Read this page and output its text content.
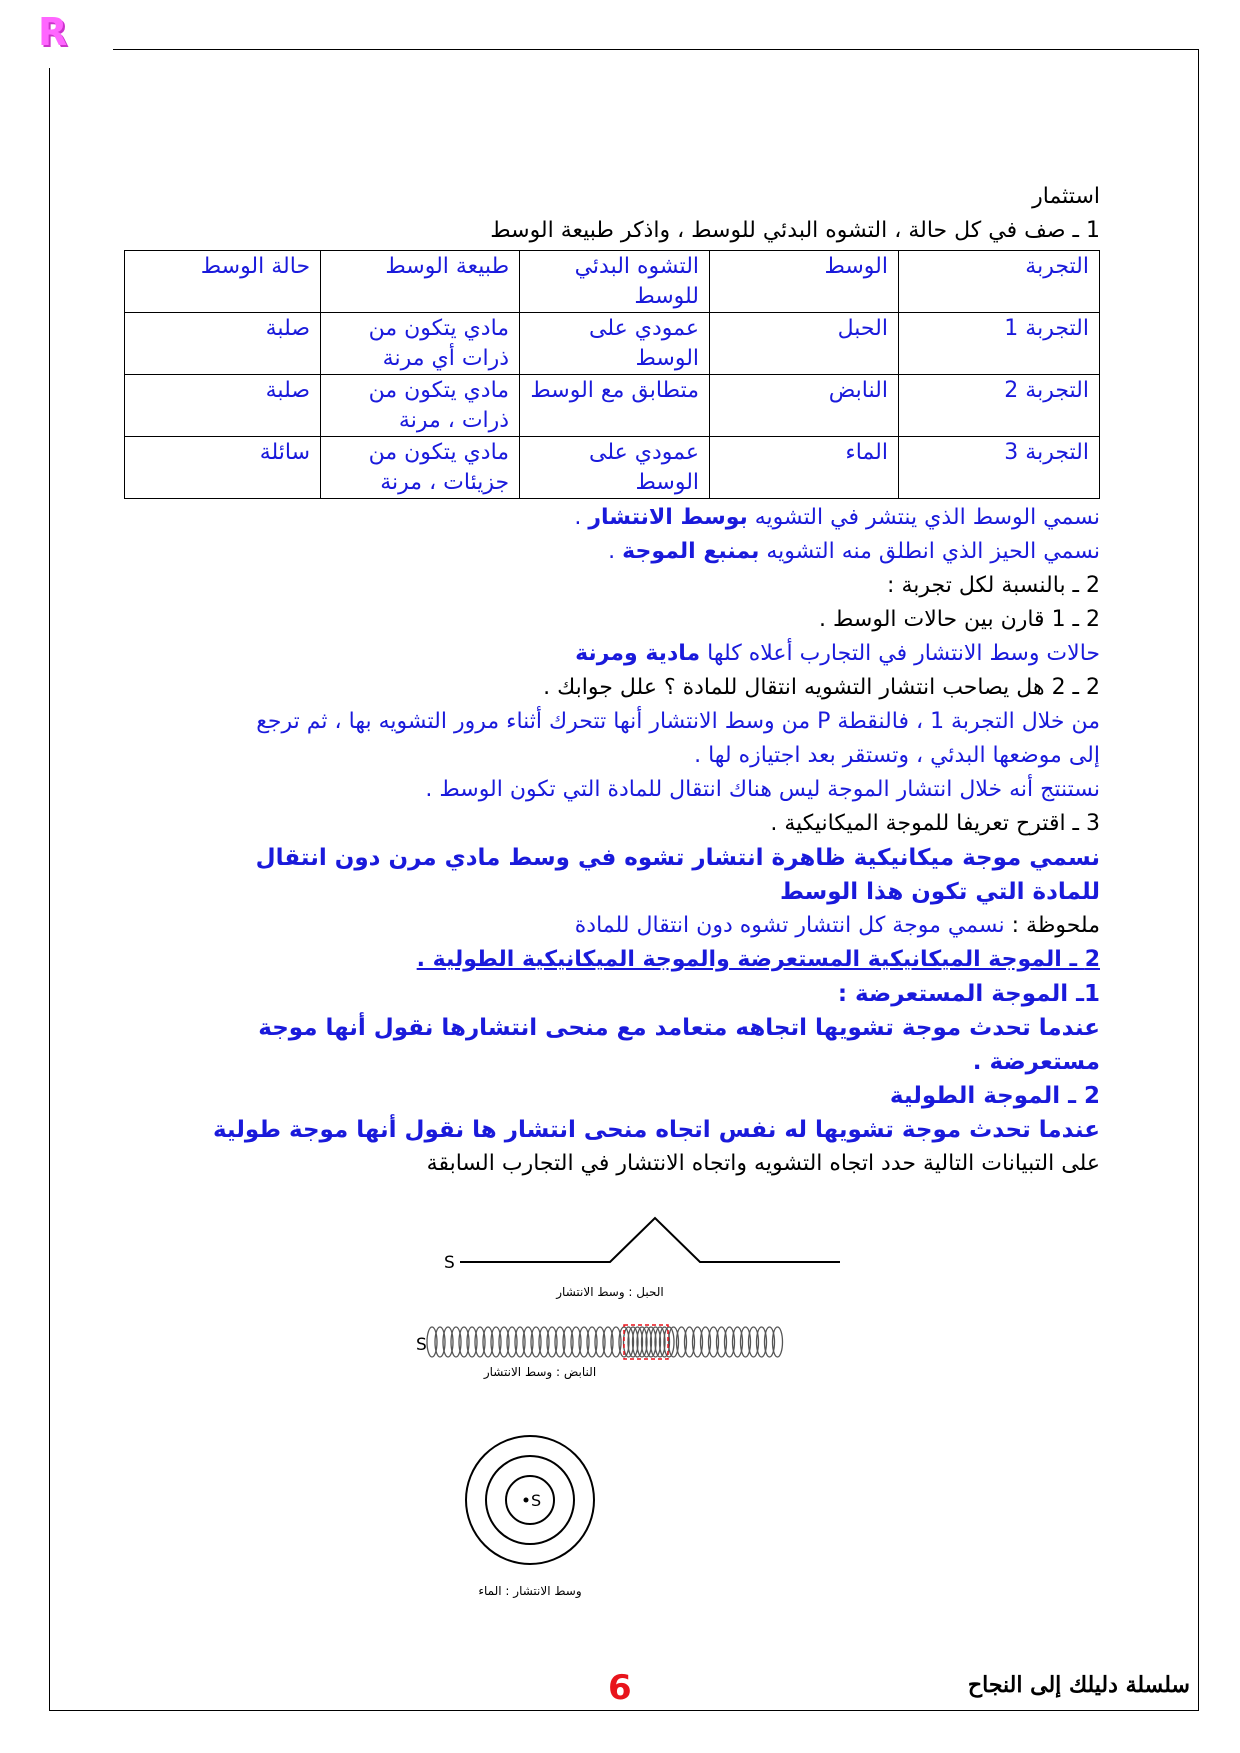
R
استثمار
1 ـ صف في كل حالة ، التشوه البدئي للوسط ، واذكر طبيعة الوسط
التجربة	الوسط	التشوه البدئي للوسط	طبيعة الوسط	حالة الوسط
التجربة 1	الحبل	عمودي على الوسط	مادي يتكون من ذرات أي مرنة	صلبة
التجربة 2	النابض	متطابق مع الوسط	مادي يتكون من ذرات ، مرنة	صلبة
التجربة 3	الماء	عمودي على الوسط	مادي يتكون من جزيئات ، مرنة	سائلة
نسمي الوسط الذي ينتشر في التشويه بوسط الانتشار .
نسمي الحيز الذي انطلق منه التشويه بمنبع الموجة .
2 ـ بالنسبة لكل تجربة :
2 ـ 1 قارن بين حالات الوسط .
حالات وسط الانتشار في التجارب أعلاه كلها مادية ومرنة
2 ـ 2 هل يصاحب انتشار التشويه انتقال للمادة ؟ علل جوابك .
من خلال التجربة 1 ، فالنقطة P من وسط الانتشار أنها تتحرك أثناء مرور التشويه بها ، ثم ترجع
إلى موضعها البدئي ، وتستقر بعد اجتيازه لها .
نستنتج أنه خلال انتشار الموجة ليس هناك انتقال للمادة التي تكون الوسط .
3 ـ اقترح تعريفا للموجة الميكانيكية .
نسمي موجة ميكانيكية ظاهرة انتشار تشوه في وسط مادي مرن دون انتقال
للمادة التي تكون هذا الوسط
ملحوظة : نسمي موجة كل انتشار تشوه دون انتقال للمادة
2 ـ الموجة الميكانيكية المستعرضة والموجة الميكانيكية الطولية .
1ـ الموجة المستعرضة :
عندما تحدث موجة تشويها اتجاهه متعامد مع منحى انتشارها نقول أنها موجة
مستعرضة .
2 ـ الموجة الطولية
عندما تحدث موجة تشويها له نفس اتجاه منحى انتشار ها نقول أنها موجة طولية
على التبيانات التالية حدد اتجاه التشويه واتجاه الانتشار في التجارب السابقة
S
الحبل : وسط الانتشار
S
النابض : وسط الانتشار
S
وسط الانتشار : الماء
6	سلسلة دليلك إلى النجاح
